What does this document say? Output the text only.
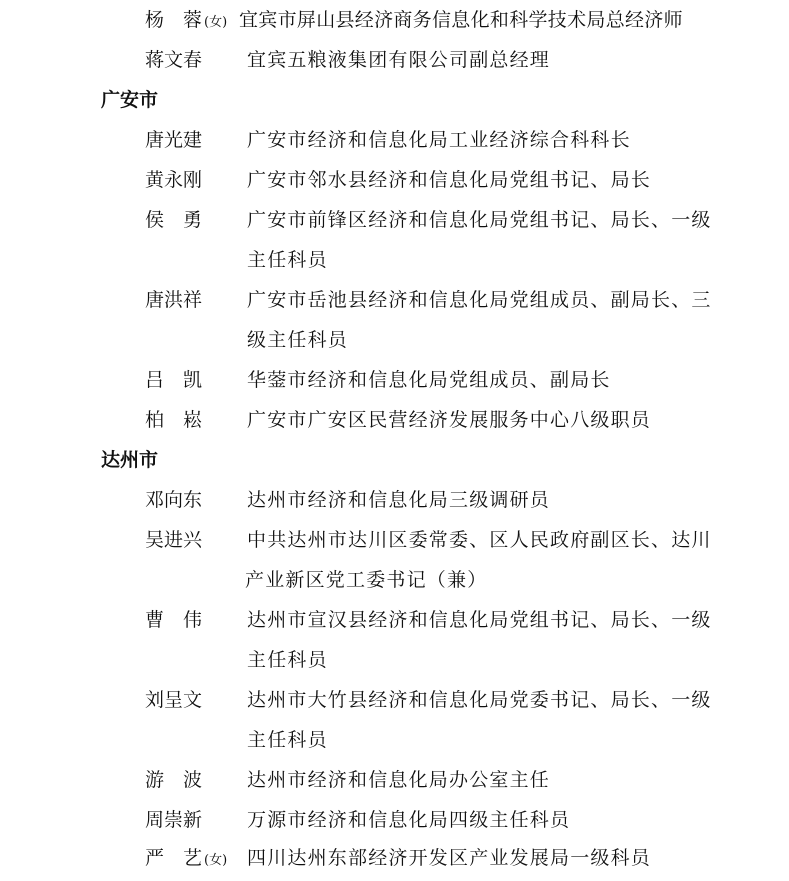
杨　蓉 (女) 宜宾市屏山县经济商务信息化和科学技术局总经济师
蒋文春	宜宾五粮液集团有限公司副总经理
广安市
唐光建	广安市经济和信息化局工业经济综合科科长
黄永刚	广安市邻水县经济和信息化局党组书记、局长
侯　勇	广安市前锋区经济和信息化局党组书记、局长、一级
主任科员
唐洪祥	广安市岳池县经济和信息化局党组成员、副局长、三
级主任科员
吕　凯	华蓥市经济和信息化局党组成员、副局长
柏　崧	广安市广安区民营经济发展服务中心八级职员
达州市
邓向东	达州市经济和信息化局三级调研员
吴进兴	中共达州市达川区委常委、区人民政府副区长、达川
产业新区党工委书记（兼）
曹　伟	达州市宣汉县经济和信息化局党组书记、局长、一级
主任科员
刘呈文	达州市大竹县经济和信息化局党委书记、局长、一级
主任科员
游　波	达州市经济和信息化局办公室主任
周崇新	万源市经济和信息化局四级主任科员
严　艺 (女)	四川达州东部经济开发区产业发展局一级科员
